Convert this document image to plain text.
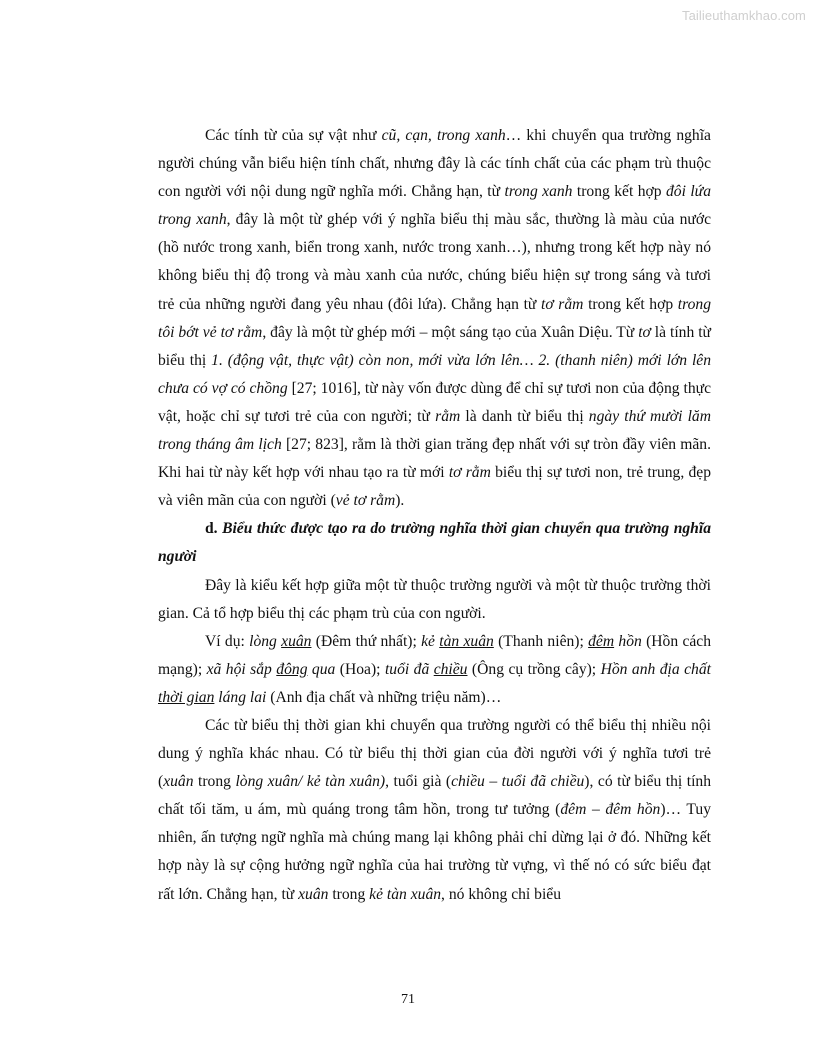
Tailieuthamkhao.com

Các tính từ của sự vật như cũ, cạn, trong xanh… khi chuyển qua trường nghĩa người chúng vẫn biểu hiện tính chất, nhưng đây là các tính chất của các phạm trù thuộc con người với nội dung ngữ nghĩa mới. Chẳng hạn, từ trong xanh trong kết hợp đôi lứa trong xanh, đây là một từ ghép với ý nghĩa biểu thị màu sắc, thường là màu của nước (hồ nước trong xanh, biển trong xanh, nước trong xanh…), nhưng trong kết hợp này nó không biểu thị độ trong và màu xanh của nước, chúng biểu hiện sự trong sáng và tươi trẻ của những người đang yêu nhau (đôi lứa). Chẳng hạn từ tơ rằm trong kết hợp trong tôi bớt vẻ tơ rằm, đây là một từ ghép mới – một sáng tạo của Xuân Diệu. Từ tơ là tính từ biểu thị 1. (động vật, thực vật) còn non, mới vừa lớn lên… 2. (thanh niên) mới lớn lên chưa có vợ có chồng [27; 1016], từ này vốn được dùng để chỉ sự tươi non của động thực vật, hoặc chỉ sự tươi trẻ của con người; từ rằm là danh từ biểu thị ngày thứ mười lăm trong tháng âm lịch [27; 823], rằm là thời gian trăng đẹp nhất với sự tròn đầy viên mãn. Khi hai từ này kết hợp với nhau tạo ra từ mới tơ rằm biểu thị sự tươi non, trẻ trung, đẹp và viên mãn của con người (vẻ tơ rằm).

d. Biểu thức được tạo ra do trường nghĩa thời gian chuyển qua trường nghĩa người

Đây là kiểu kết hợp giữa một từ thuộc trường người và một từ thuộc trường thời gian. Cả tổ hợp biểu thị các phạm trù của con người.

Ví dụ: lòng xuân (Đêm thứ nhất); kẻ tàn xuân (Thanh niên); đêm hồn (Hồn cách mạng); xã hội sắp đông qua (Hoa); tuổi đã chiều (Ông cụ trồng cây); Hồn anh địa chất thời gian láng lai (Anh địa chất và những triệu năm)…

Các từ biểu thị thời gian khi chuyển qua trường người có thể biểu thị nhiều nội dung ý nghĩa khác nhau. Có từ biểu thị thời gian của đời người với ý nghĩa tươi trẻ (xuân trong lòng xuân/ kẻ tàn xuân), tuổi già (chiều – tuổi đã chiều), có từ biểu thị tính chất tối tăm, u ám, mù quáng trong tâm hồn, trong tư tưởng (đêm – đêm hồn)… Tuy nhiên, ấn tượng ngữ nghĩa mà chúng mang lại không phải chỉ dừng lại ở đó. Những kết hợp này là sự cộng hưởng ngữ nghĩa của hai trường từ vựng, vì thế nó có sức biểu đạt rất lớn. Chẳng hạn, từ xuân trong kẻ tàn xuân, nó không chỉ biểu

71
